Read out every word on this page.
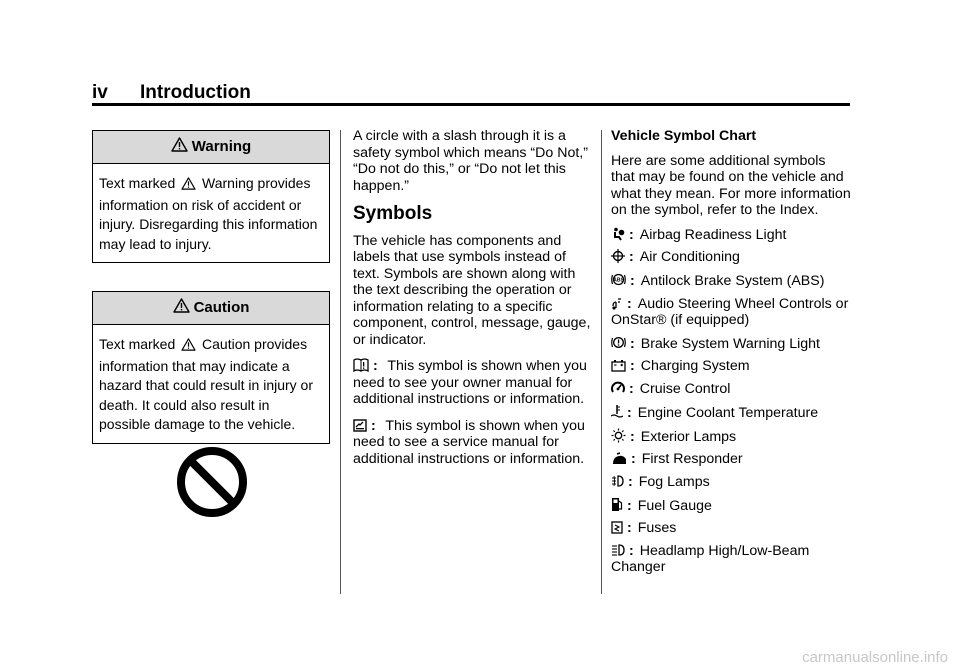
iv Introduction
Warning
Text marked Warning provides information on risk of accident or injury. Disregarding this information may lead to injury.
Caution
Text marked Caution provides information that may indicate a hazard that could result in injury or death. It could also result in possible damage to the vehicle.

A circle with a slash through it is a safety symbol which means “Do Not,” “Do not do this,” or “Do not let this happen.”

Symbols

The vehicle has components and labels that use symbols instead of text. Symbols are shown along with the text describing the operation or information relating to a specific component, control, message, gauge, or indicator.

: This symbol is shown when you need to see your owner manual for additional instructions or information.

: This symbol is shown when you need to see a service manual for additional instructions or information.

Vehicle Symbol Chart

Here are some additional symbols that may be found on the vehicle and what they mean. For more information on the symbol, refer to the Index.

: Airbag Readiness Light
: Air Conditioning
ABS : Antilock Brake System (ABS)
: Audio Steering Wheel Controls or OnStar® (if equipped)
: Brake System Warning Light
: Charging System
: Cruise Control
: Engine Coolant Temperature
: Exterior Lamps
: First Responder
: Fog Lamps
: Fuel Gauge
: Fuses
: Headlamp High/Low-Beam Changer
carmanualsonline.info
